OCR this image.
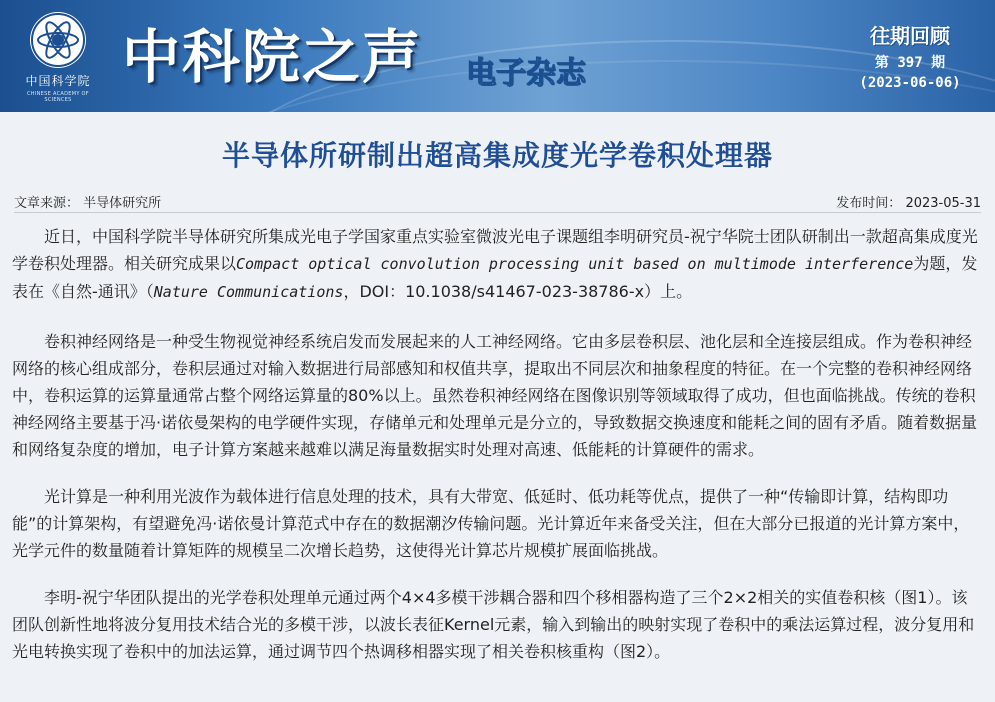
中国科学院
CHINESE ACADEMY OF SCIENCES
中科院之声 电子杂志
往期回顾
第 397 期
(2023-06-06)
半导体所研制出超高集成度光学卷积处理器
文章来源： 半导体研究所	发布时间： 2023-05-31

近日，中国科学院半导体研究所集成光电子学国家重点实验室微波光电子课题组李明研究员-祝宁华院士团队研制出一款超高集成度光学卷积处理器。相关研究成果以Compact optical convolution processing unit based on multimode interference为题，发表在《自然-通讯》（Nature Communications，DOI：10.1038/s41467-023-38786-x）上。

卷积神经网络是一种受生物视觉神经系统启发而发展起来的人工神经网络。它由多层卷积层、池化层和全连接层组成。作为卷积神经网络的核心组成部分，卷积层通过对输入数据进行局部感知和权值共享，提取出不同层次和抽象程度的特征。在一个完整的卷积神经网络中，卷积运算的运算量通常占整个网络运算量的80%以上。虽然卷积神经网络在图像识别等领域取得了成功，但也面临挑战。传统的卷积神经网络主要基于冯·诺依曼架构的电学硬件实现，存储单元和处理单元是分立的，导致数据交换速度和能耗之间的固有矛盾。随着数据量和网络复杂度的增加，电子计算方案越来越难以满足海量数据实时处理对高速、低能耗的计算硬件的需求。

光计算是一种利用光波作为载体进行信息处理的技术，具有大带宽、低延时、低功耗等优点，提供了一种“传输即计算，结构即功能”的计算架构，有望避免冯·诺依曼计算范式中存在的数据潮汐传输问题。光计算近年来备受关注，但在大部分已报道的光计算方案中，光学元件的数量随着计算矩阵的规模呈二次增长趋势，这使得光计算芯片规模扩展面临挑战。

李明-祝宁华团队提出的光学卷积处理单元通过两个4×4多模干涉耦合器和四个移相器构造了三个2×2相关的实值卷积核（图1）。该团队创新性地将波分复用技术结合光的多模干涉，以波长表征Kernel元素，输入到输出的映射实现了卷积中的乘法运算过程，波分复用和光电转换实现了卷积中的加法运算，通过调节四个热调移相器实现了相关卷积核重构（图2）。
